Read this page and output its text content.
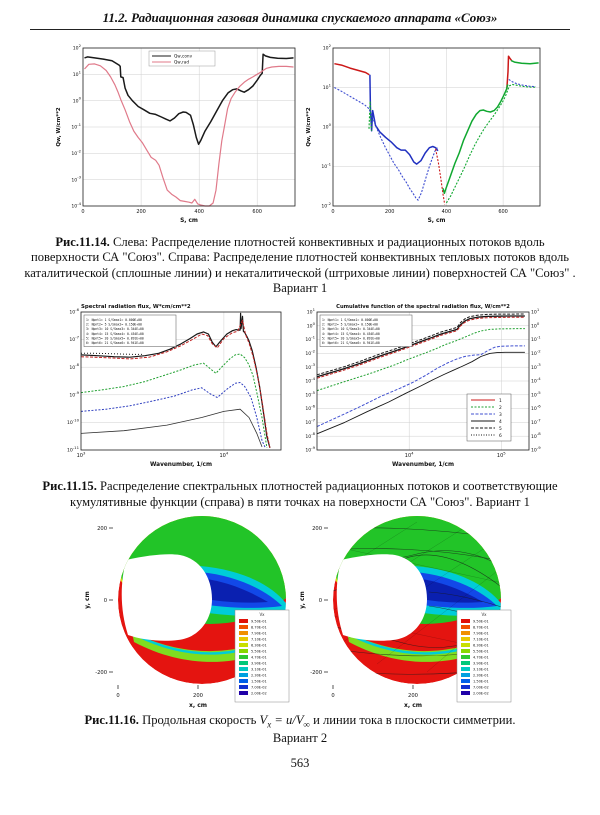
11.2. Радиационная газовая динамика спускаемого аппарата «Союз»
$10^{-4}$
$10^{-3}$
$10^{-2}$
$10^{-1}$
$10^0$
$10^1$
$10^2$
0	200	400	600
Qw,conv
Qw,rad
S, cm
Qw, W/cm**2
$10^{-2}$
$10^{-1}$
$10^0$
$10^1$
$10^2$
0	200	400	600
S, cm
Qw, W/cm**2

Рис.11.14. Слева: Распределение плотностей конвективных и радиационных потоков вдоль поверхности СА "Союз". Справа: Распределение плотностей конвективных тепловых потоков вдоль каталитической (сплошные линии) и некаталитической (штриховые линии) поверхностей СА "Союз" . Вариант 1

$10^{-11}$
$10^{-10}$
$10^{-9}$
$10^{-8}$
$10^{-7}$
$10^{-6}$
$10^3$
$10^4$
1: Npnt1= 1 S/Smax1= 0.000E+00
2: Npnt2= 5 S/Smax2= 0.150E+00
3: Npnt3= 10 S/Smax3= 0.344E+00
4: Npnt4= 15 S/Smax4= 0.454E+00
5: Npnt5= 20 S/Smax5= 0.891E+00
6: Npnt6= 21 S/Smax6= 0.941E+00
Spectral radiation flux, W*cm/cm**2
Wavenumber, 1/cm
$10^{-9}$
$10^{-9}$
$10^{-8}$
$10^{-8}$
$10^{-7}$
$10^{-7}$
$10^{-6}$
$10^{-6}$
$10^{-5}$
$10^{-5}$
$10^{-4}$
$10^{-4}$
$10^{-3}$
$10^{-3}$
$10^{-2}$
$10^{-2}$
$10^{-1}$
$10^{-1}$
$10^0$
$10^0$
$10^1$
$10^1$
$10^4$
$10^5$
1: Npnt1= 1 S/Smax1= 0.000E+00
2: Npnt2= 5 S/Smax2= 0.150E+00
3: Npnt3= 10 S/Smax3= 0.344E+00
4: Npnt4= 15 S/Smax4= 0.454E+00
5: Npnt5= 20 S/Smax5= 0.891E+00
6: Npnt6= 21 S/Smax6= 0.941E+00
1
2
3
4
5
6
Cumulative function of the spectral radiation flux, W/cm**2
Wavenumber, 1/cm

Рис.11.15. Распределение спектральных плотностей радиационных потоков и соответствующие кумулятивные функции (справа) в пяти точках на поверхности СА "Союз". Вариант 1

0	200
200
0
-200
x, cm
y, cm
Vx
9.50E-01
8.70E-01
7.90E-01
7.10E-01
6.30E-01
5.50E-01
4.70E-01
3.90E-01
3.10E-01
2.30E-01
1.50E-01
7.00E-02
2.00E-02	0	200
200
0
-200
x, cm
y, cm
Vx
9.50E-01
8.70E-01
7.90E-01
7.10E-01
6.30E-01
5.50E-01
4.70E-01
3.90E-01
3.10E-01
2.30E-01
1.50E-01
7.00E-02
2.00E-02

Рис.11.16. Продольная скорость $V_x = u/V_\infty$ и линии тока в плоскости симметрии.
Вариант 2

563
